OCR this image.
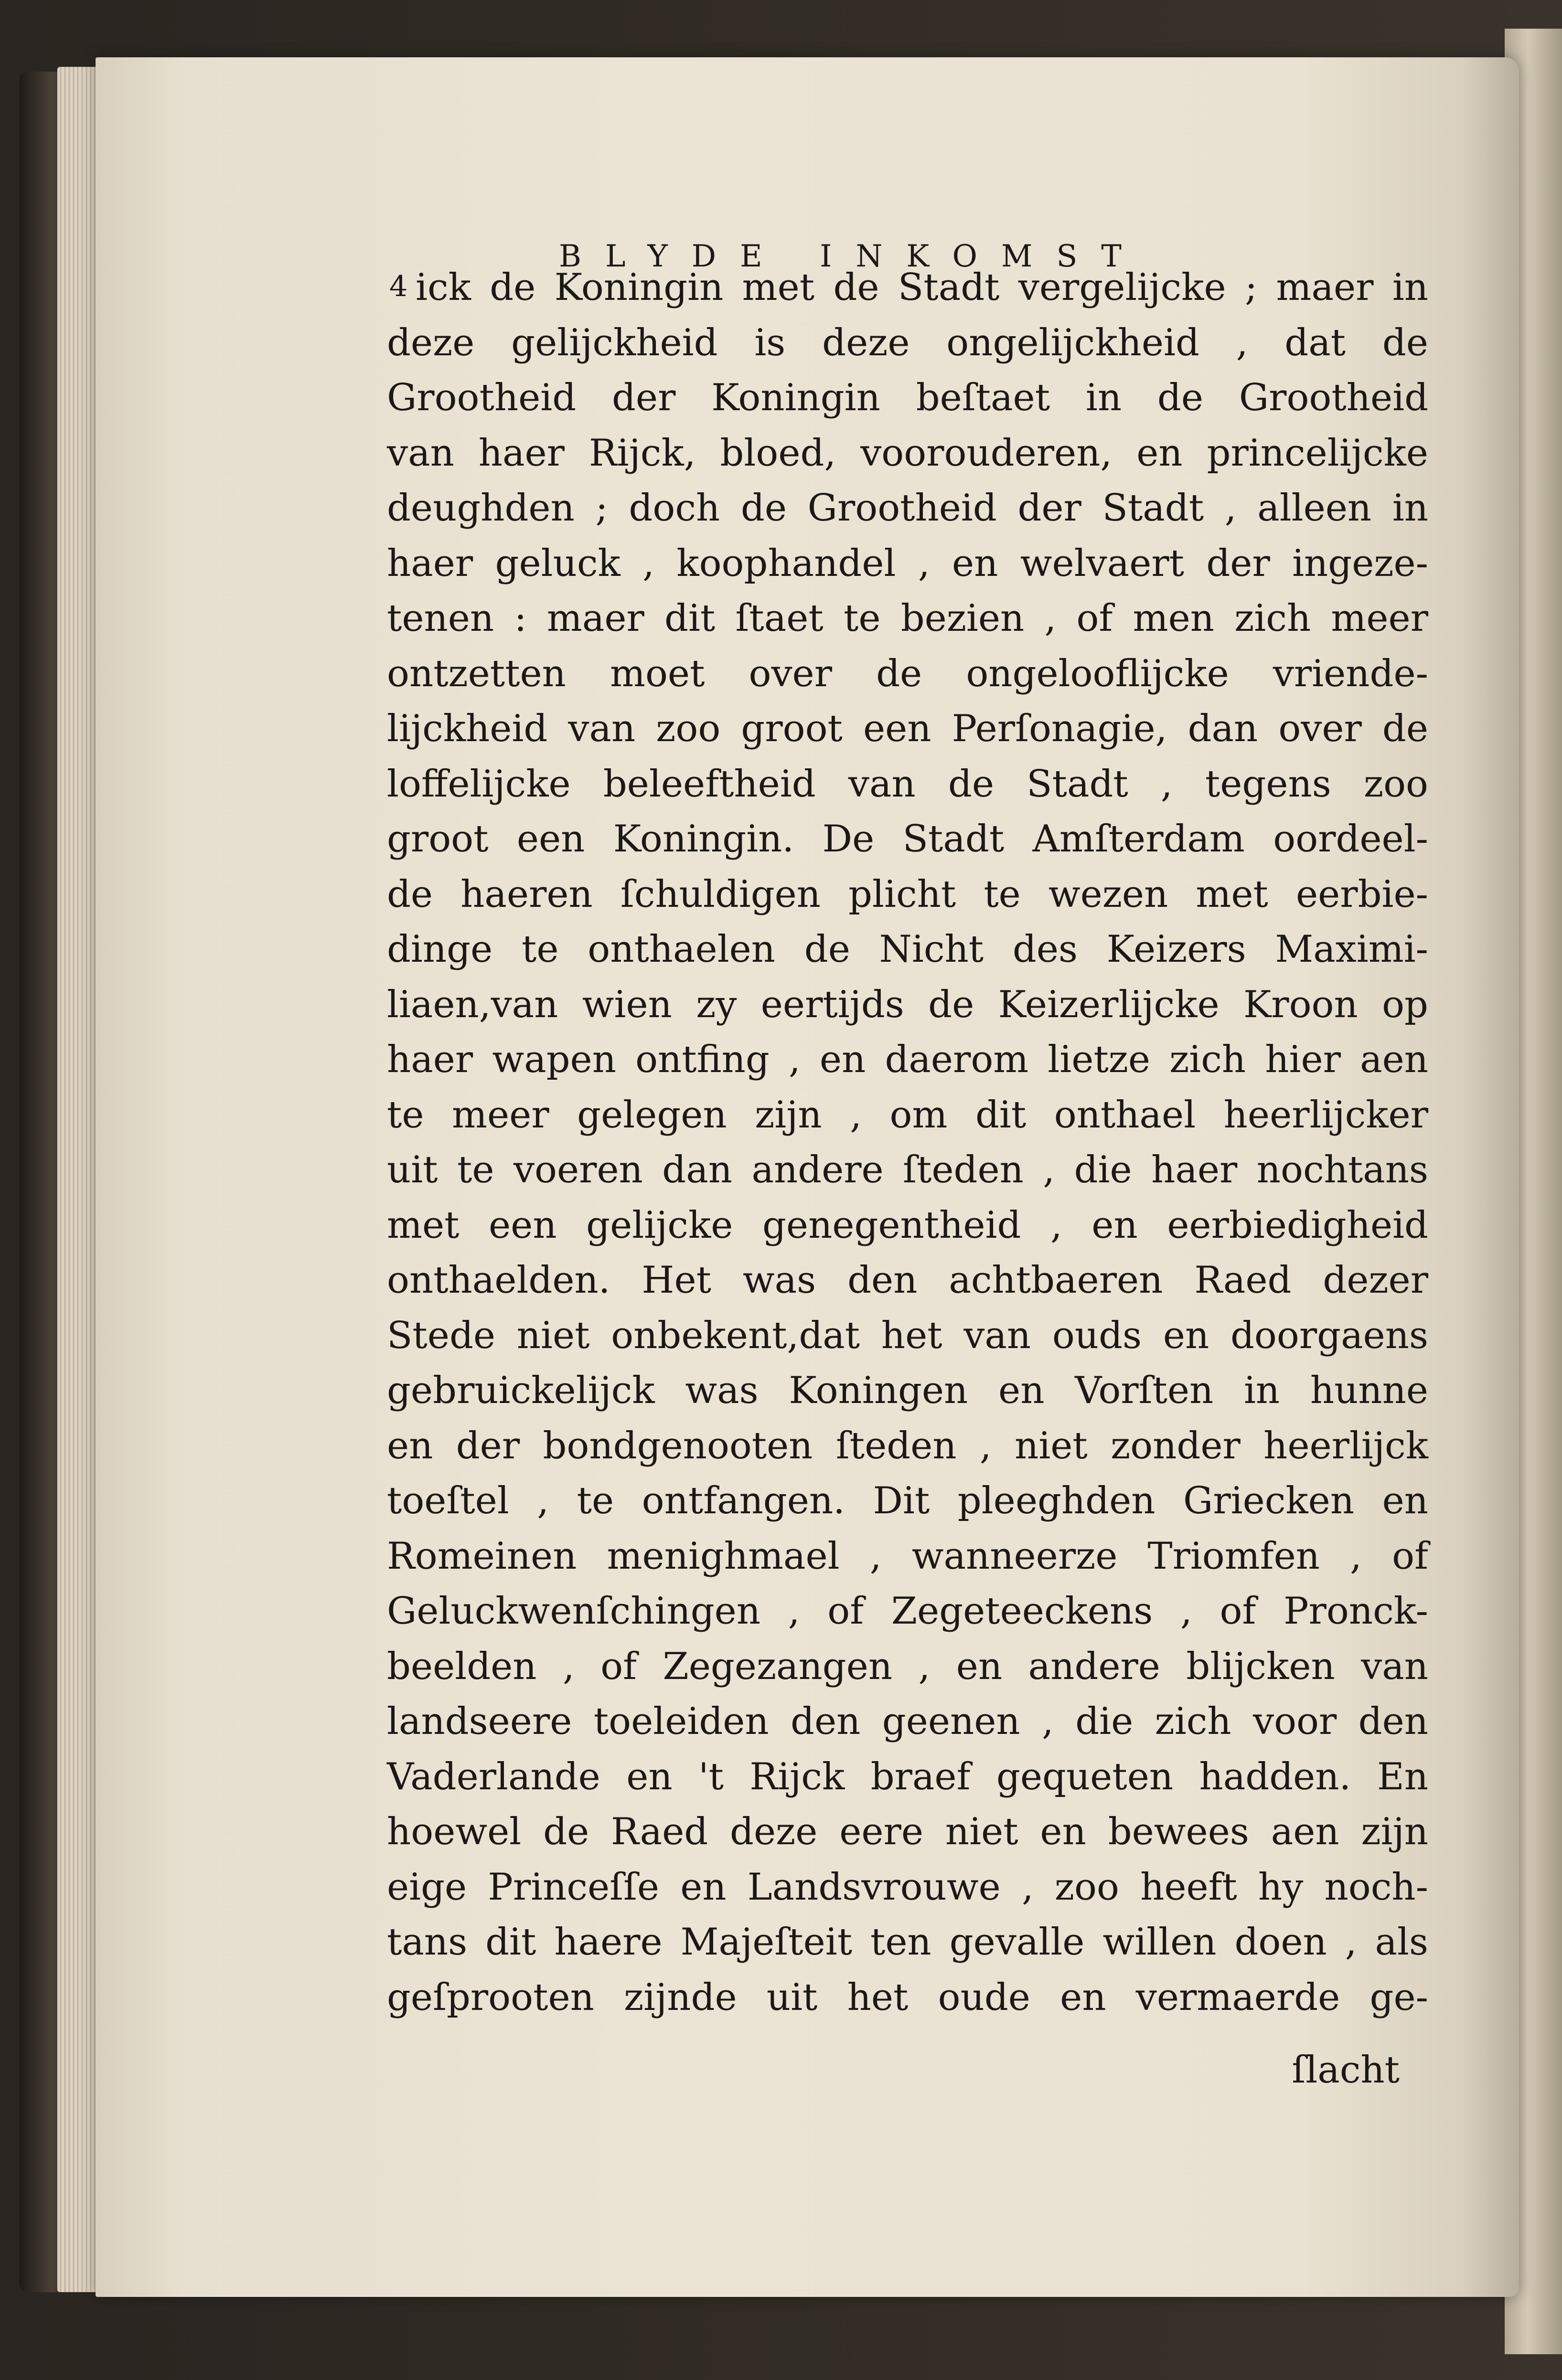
4
BLYDE INKOMST
ick de Koningin met de Stadt vergelijcke ; maer in
deze gelijckheid is deze ongelijckheid , dat de
Grootheid der Koningin beſtaet in de Grootheid
van haer Rijck, bloed, voorouderen, en princelijcke
deughden ; doch de Grootheid der Stadt , alleen in
haer geluck , koophandel , en welvaert der ingeze-
tenen : maer dit ſtaet te bezien , of men zich meer
ontzetten moet over de ongelooflijcke vriende-
lijckheid van zoo groot een Perſonagie, dan over de
loffelijcke beleeftheid van de Stadt , tegens zoo
groot een Koningin. De Stadt Amſterdam oordeel-
de haeren ſchuldigen plicht te wezen met eerbie-
dinge te onthaelen de Nicht des Keizers Maximi-
liaen,van wien zy eertijds de Keizerlijcke Kroon op
haer wapen ontfing , en daerom lietze zich hier aen
te meer gelegen zijn , om dit onthael heerlijcker
uit te voeren dan andere ſteden , die haer nochtans
met een gelijcke genegentheid , en eerbiedigheid
onthaelden. Het was den achtbaeren Raed dezer
Stede niet onbekent,dat het van ouds en doorgaens
gebruickelijck was Koningen en Vorſten in hunne
en der bondgenooten ſteden , niet zonder heerlijck
toeſtel , te ontfangen. Dit pleeghden Griecken en
Romeinen menighmael , wanneerze Triomfen , of
Geluckwenſchingen , of Zegeteeckens , of Pronck-
beelden , of Zegezangen , en andere blijcken van
landseere toeleiden den geenen , die zich voor den
Vaderlande en 't Rijck braef gequeten hadden. En
hoewel de Raed deze eere niet en bewees aen zijn
eige Princeſſe en Landsvrouwe , zoo heeft hy noch-
tans dit haere Majeſteit ten gevalle willen doen , als
geſprooten zijnde uit het oude en vermaerde ge-
ſlacht
